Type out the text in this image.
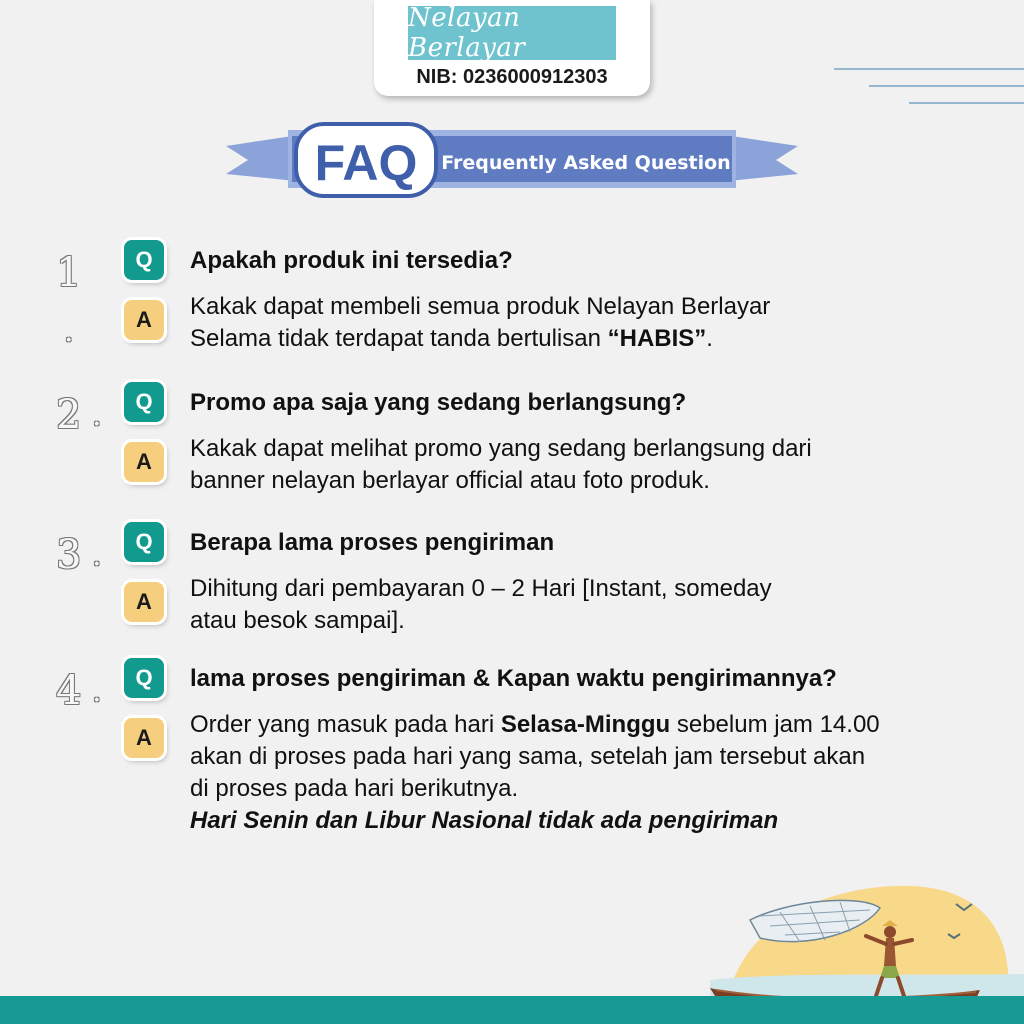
Nelayan Berlayar
NIB: 0236000912303
FAQ Frequently Asked Question
1
.
Q	Apakah produk ini tersedia?
A	Kakak dapat membeli semua produk Nelayan Berlayar
Selama tidak terdapat tanda bertulisan “HABIS”.
2 .	Q	Promo apa saja yang sedang berlangsung?
A	Kakak dapat melihat promo yang sedang berlangsung dari
banner nelayan berlayar official atau foto produk.
3 .	Q	Berapa lama proses pengiriman
A	Dihitung dari pembayaran 0 – 2 Hari [Instant, someday
atau besok sampai].
4 .	Q	lama proses pengiriman & Kapan waktu pengirimannya?
A	Order yang masuk pada hari Selasa-Minggu sebelum jam 14.00
akan di proses pada hari yang sama, setelah jam tersebut akan
di proses pada hari berikutnya.
Hari Senin dan Libur Nasional tidak ada pengiriman
